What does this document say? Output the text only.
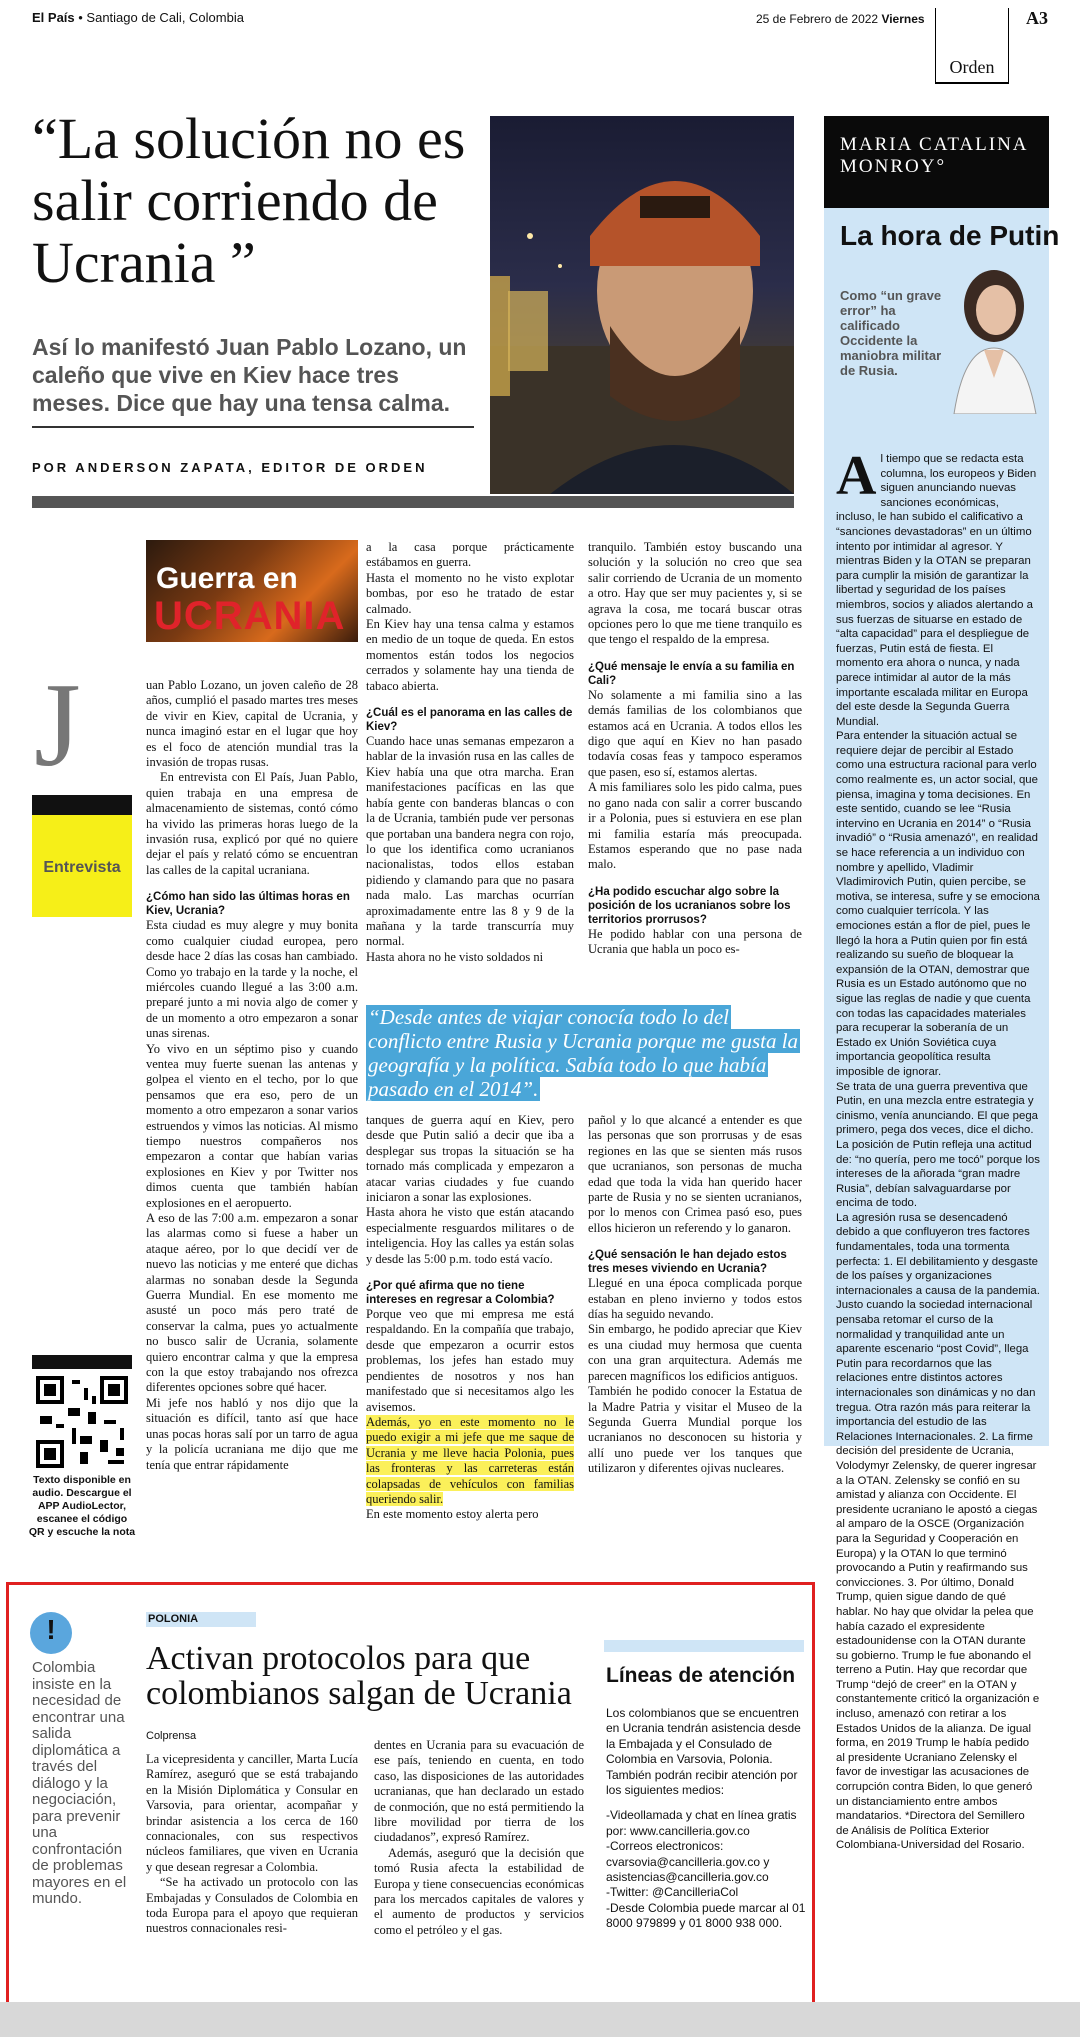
El País • Santiago de Cali, Colombia	25 de Febrero de 2022 Viernes
Orden
A3
“La solución no es salir corriendo de Ucrania ”
Así lo manifestó Juan Pablo Lozano, un caleño que vive en Kiev hace tres meses. Dice que hay una tensa calma.
POR ANDERSON ZAPATA, EDITOR DE ORDEN
MARIA CATALINA MONROY°
La hora de Putin
Como “un grave error” ha calificado Occidente la maniobra militar de Rusia.
A l tiempo que se redacta esta columna, los europeos y Biden siguen anunciando nuevas sanciones económicas, incluso, le han subido el calificativo a “sanciones devastadoras” en un último intento por intimidar al agresor. Y mientras Biden y la OTAN se preparan para cumplir la misión de garantizar la libertad y seguridad de los países miembros, socios y aliados alertando a sus fuerzas de situarse en estado de “alta capacidad” para el despliegue de fuerzas, Putin está de fiesta. El momento era ahora o nunca, y nada parece intimidar al autor de la más importante escalada militar en Europa del este desde la Segunda Guerra Mundial.

Para entender la situación actual se requiere dejar de percibir al Estado como una estructura racional para verlo como realmente es, un actor social, que piensa, imagina y toma decisiones. En este sentido, cuando se lee “Rusia intervino en Ucrania en 2014” o “Rusia invadió” o “Rusia amenazó”, en realidad se hace referencia a un individuo con nombre y apellido, Vladimir Vladimirovich Putin, quien percibe, se motiva, se interesa, sufre y se emociona como cualquier terrícola. Y las emociones están a flor de piel, pues le llegó la hora a Putin quien por fin está realizando su sueño de bloquear la expansión de la OTAN, demostrar que Rusia es un Estado autónomo que no sigue las reglas de nadie y que cuenta con todas las capacidades materiales para recuperar la soberanía de un Estado ex Unión Soviética cuya importancia geopolítica resulta imposible de ignorar.

Se trata de una guerra preventiva que Putin, en una mezcla entre estrategia y cinismo, venía anunciando. El que pega primero, pega dos veces, dice el dicho. La posición de Putin refleja una actitud de: “no quería, pero me tocó” porque los intereses de la añorada “gran madre Rusia”, debían salvaguardarse por encima de todo.

La agresión rusa se desencadenó debido a que confluyeron tres factores fundamentales, toda una tormenta perfecta: 1. El debilitamiento y desgaste de los países y organizaciones internacionales a causa de la pandemia. Justo cuando la sociedad internacional pensaba retomar el curso de la normalidad y tranquilidad ante un aparente escenario “post Covid”, llega Putin para recordarnos que las relaciones entre distintos actores internacionales son dinámicas y no dan tregua. Otra razón más para reiterar la importancia del estudio de las Relaciones Internacionales. 2. La firme decisión del presidente de Ucrania, Volodymyr Zelensky, de querer ingresar a la OTAN. Zelensky se confió en su amistad y alianza con Occidente. El presidente ucraniano le apostó a ciegas al amparo de la OSCE (Organización para la Seguridad y Cooperación en Europa) y la OTAN lo que terminó provocando a Putin y reafirmando sus convicciones. 3. Por último, Donald Trump, quien sigue dando de qué hablar. No hay que olvidar la pelea que había cazado el expresidente estadounidense con la OTAN durante su gobierno. Trump le fue abonando el terreno a Putin. Hay que recordar que Trump “dejó de creer” en la OTAN y constantemente criticó la organización e incluso, amenazó con retirar a los Estados Unidos de la alianza. De igual forma, en 2019 Trump le había pedido al presidente Ucraniano Zelensky el favor de investigar las acusaciones de corrupción contra Biden, lo que generó un distanciamiento entre ambos mandatarios. *Directora del Semillero de Análisis de Política Exterior Colombiana-Universidad del Rosario.

Guerra en
UCRANIA
J
Entrevista

uan Pablo Lozano, un joven caleño de 28 años, cumplió el pasado martes tres meses de vivir en Kiev, capital de Ucrania, y nunca imaginó estar en el lugar que hoy es el foco de atención mundial tras la invasión de tropas rusas.

En entrevista con El País, Juan Pablo, quien trabaja en una empresa de almacenamiento de sistemas, contó cómo ha vivido las primeras horas luego de la invasión rusa, explicó por qué no quiere dejar el país y relató cómo se encuentran las calles de la capital ucraniana.

¿Cómo han sido las últimas horas en Kiev, Ucrania?

Esta ciudad es muy alegre y muy bonita como cualquier ciudad europea, pero desde hace 2 días las cosas han cambiado. Como yo trabajo en la tarde y la noche, el miércoles cuando llegué a las 3:00 a.m. preparé junto a mi novia algo de comer y de un momento a otro empezaron a sonar unas sirenas.

Yo vivo en un séptimo piso y cuando ventea muy fuerte suenan las antenas y golpea el viento en el techo, por lo que pensamos que era eso, pero de un momento a otro empezaron a sonar varios estruendos y vimos las noticias. Al mismo tiempo nuestros compañeros nos empezaron a contar que habían varias explosiones en Kiev y por Twitter nos dimos cuenta que también habían explosiones en el aeropuerto.

A eso de las 7:00 a.m. empezaron a sonar las alarmas como si fuese a haber un ataque aéreo, por lo que decidí ver de nuevo las noticias y me enteré que dichas alarmas no sonaban desde la Segunda Guerra Mundial. En ese momento me asusté un poco más pero traté de conservar la calma, pues yo actualmente no busco salir de Ucrania, solamente quiero encontrar calma y que la empresa con la que estoy trabajando nos ofrezca diferentes opciones sobre qué hacer.

Mi jefe nos habló y nos dijo que la situación es difícil, tanto así que hace unas pocas horas salí por un tarro de agua y la policía ucraniana me dijo que me tenía que entrar rápidamente

a la casa porque prácticamente estábamos en guerra.

Hasta el momento no he visto explotar bombas, por eso he tratado de estar calmado.

En Kiev hay una tensa calma y estamos en medio de un toque de queda. En estos momentos están todos los negocios cerrados y solamente hay una tienda de tabaco abierta.

¿Cuál es el panorama en las calles de Kiev?

Cuando hace unas semanas empezaron a hablar de la invasión rusa en las calles de Kiev había una que otra marcha. Eran manifestaciones pacíficas en las que había gente con banderas blancas o con la de Ucrania, también pude ver personas que portaban una bandera negra con rojo, lo que los identifica como ucranianos nacionalistas, todos ellos estaban pidiendo y clamando para que no pasara nada malo. Las marchas ocurrían aproximadamente entre las 8 y 9 de la mañana y la tarde transcurría muy normal.

Hasta ahora no he visto soldados ni

tranquilo. También estoy buscando una solución y la solución no creo que sea salir corriendo de Ucrania de un momento a otro. Hay que ser muy pacientes y, si se agrava la cosa, me tocará buscar otras opciones pero lo que me tiene tranquilo es que tengo el respaldo de la empresa.

¿Qué mensaje le envía a su familia en Cali?

No solamente a mi familia sino a las demás familias de los colombianos que estamos acá en Ucrania. A todos ellos les digo que aquí en Kiev no han pasado todavía cosas feas y tampoco esperamos que pasen, eso sí, estamos alertas.

A mis familiares solo les pido calma, pues no gano nada con salir a correr buscando ir a Polonia, pues si estuviera en ese plan mi familia estaría más preocupada. Estamos esperando que no pase nada malo.

¿Ha podido escuchar algo sobre la posición de los ucranianos sobre los territorios prorrusos?

He podido hablar con una persona de Ucrania que habla un poco es-

“Desde antes de viajar conocía todo lo del conflicto entre Rusia y Ucrania porque me gusta la geografía y la política. Sabía todo lo que había pasado en el 2014”.

tanques de guerra aquí en Kiev, pero desde que Putin salió a decir que iba a desplegar sus tropas la situación se ha tornado más complicada y empezaron a atacar varias ciudades y fue cuando iniciaron a sonar las explosiones.

Hasta ahora he visto que están atacando especialmente resguardos militares o de inteligencia. Hoy las calles ya están solas y desde las 5:00 p.m. todo está vacío.

¿Por qué afirma que no tiene intereses en regresar a Colombia?

Porque veo que mi empresa me está respaldando. En la compañía que trabajo, desde que empezaron a ocurrir estos problemas, los jefes han estado muy pendientes de nosotros y nos han manifestado que si necesitamos algo les avisemos.

Además, yo en este momento no le puedo exigir a mi jefe que me saque de Ucrania y me lleve hacia Polonia, pues las fronteras y las carreteras están colapsadas de vehículos con familias queriendo salir.

En este momento estoy alerta pero

pañol y lo que alcancé a entender es que las personas que son prorrusas y de esas regiones en las que se sienten más rusos que ucranianos, son personas de mucha edad que toda la vida han querido hacer parte de Rusia y no se sienten ucranianos, por lo menos con Crimea pasó eso, pues ellos hicieron un referendo y lo ganaron.

¿Qué sensación le han dejado estos tres meses viviendo en Ucrania?

Llegué en una época complicada porque estaban en pleno invierno y todos estos días ha seguido nevando.

Sin embargo, he podido apreciar que Kiev es una ciudad muy hermosa que cuenta con una gran arquitectura. Además me parecen magníficos los edificios antiguos.

También he podido conocer la Estatua de la Madre Patria y visitar el Museo de la Segunda Guerra Mundial porque los ucranianos no desconocen su historia y allí uno puede ver los tanques que utilizaron y diferentes ojivas nucleares.

Texto disponible en audio. Descargue el APP AudioLector, escanee el código QR y escuche la nota
!
Colombia insiste en la necesidad de encontrar una salida diplomática a través del diálogo y la negociación, para prevenir una confrontación de problemas mayores en el mundo.
POLONIA
Activan protocolos para que colombianos salgan de Ucrania
Colprensa

La vicepresidenta y canciller, Marta Lucía Ramírez, aseguró que se está trabajando en la Misión Diplomática y Consular en Varsovia, para orientar, acompañar y brindar asistencia a los cerca de 160 connacionales, con sus respectivos núcleos familiares, que viven en Ucrania y que desean regresar a Colombia.

“Se ha activado un protocolo con las Embajadas y Consulados de Colombia en toda Europa para el apoyo que requieran nuestros connacionales resi-

dentes en Ucrania para su evacuación de ese país, teniendo en cuenta, en todo caso, las disposiciones de las autoridades ucranianas, que han declarado un estado de conmoción, que no está permitiendo la libre movilidad por tierra de los ciudadanos”, expresó Ramírez.

Además, aseguró que la decisión que tomó Rusia afecta la estabilidad de Europa y tiene consecuencias económicas para los mercados capitales de valores y el aumento de productos y servicios como el petróleo y el gas.

Líneas de atención

Los colombianos que se encuentren en Ucrania tendrán asistencia desde la Embajada y el Consulado de Colombia en Varsovia, Polonia. También podrán recibir atención por los siguientes medios:

-Videollamada y chat en línea gratis por: www.cancilleria.gov.co
-Correos electronicos: cvarsovia@cancilleria.gov.co y asistencias@cancilleria.gov.co
-Twitter: @CancilleriaCol
-Desde Colombia puede marcar al 01 8000 979899 y 01 8000 938 000.
